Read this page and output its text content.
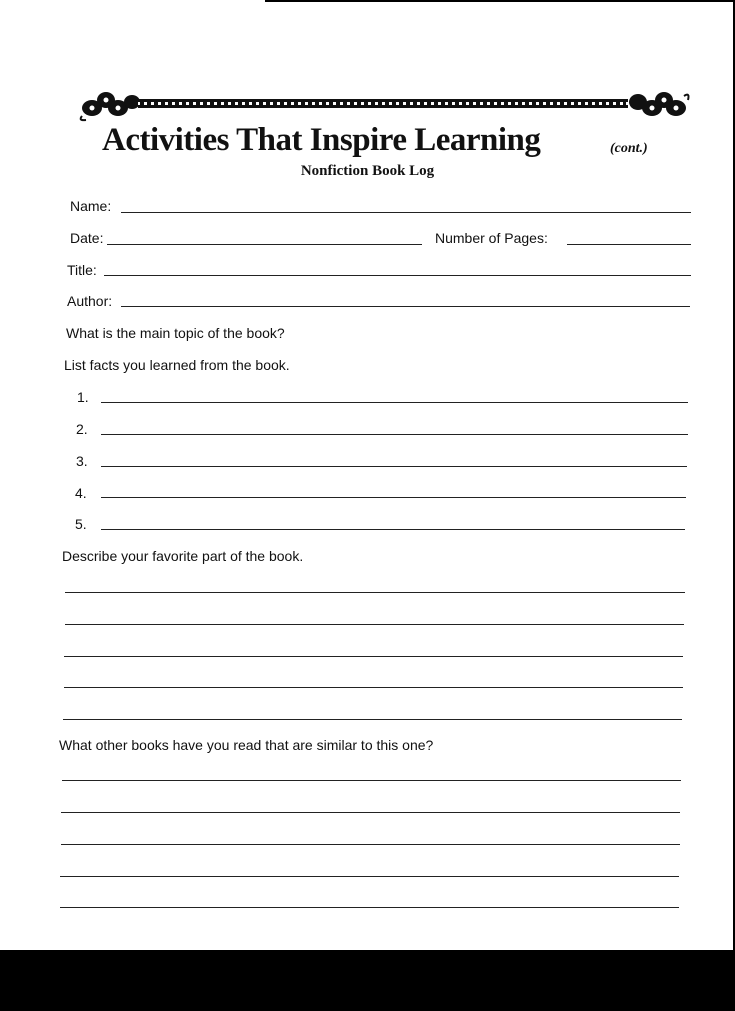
Activities That Inspire Learning	(cont.)
Nonfiction Book Log
Name:
Date:	Number of Pages:
Title:
Author:
What is the main topic of the book?
List facts you learned from the book.
1.
2.
3.
4.
5.
Describe your favorite part of the book.
What other books have you read that are similar to this one?
